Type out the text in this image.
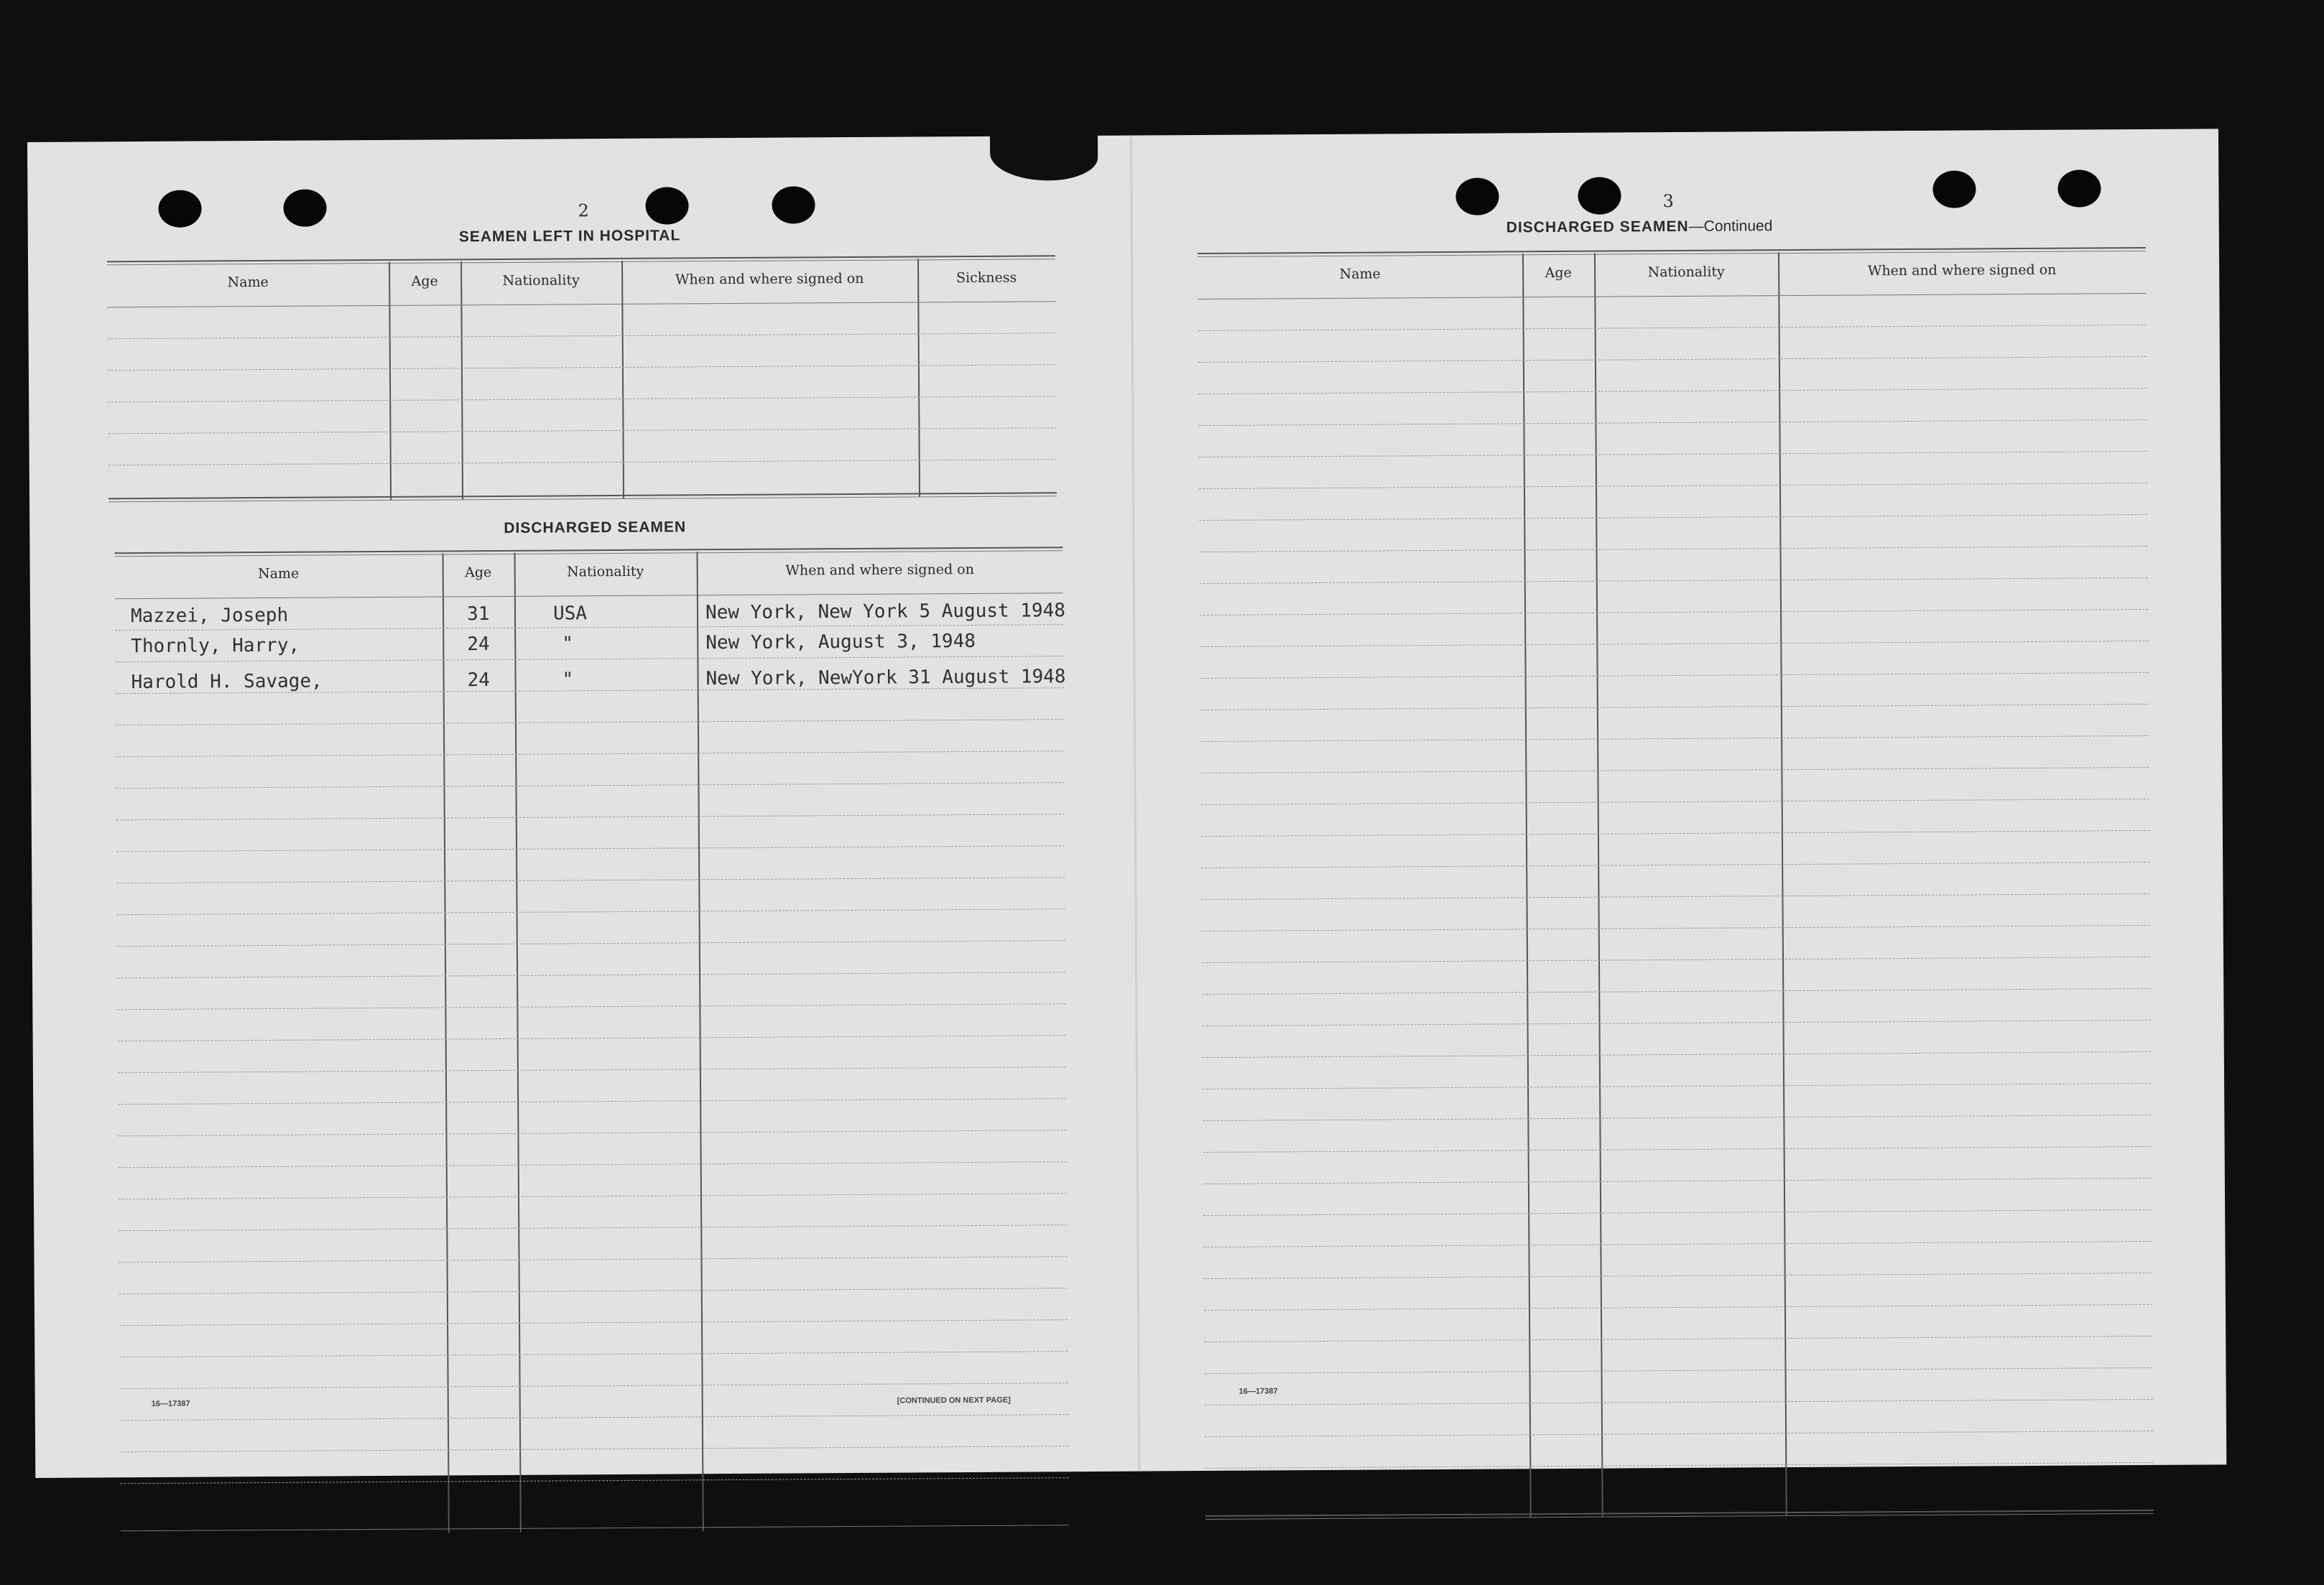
2
SEAMEN LEFT IN HOSPITAL
Name	Age	Nationality	When and where signed on	Sickness
DISCHARGED SEAMEN
Name	Age	Nationality	When and where signed on
Mazzei, Joseph	31	USA	New York, New York 5 August 1948
Thornly, Harry,	24	"	New York, August 3, 1948
Harold H. Savage,	24	"	New York, NewYork 31 August 1948
16—17387	[CONTINUED ON NEXT PAGE]
3
DISCHARGED SEAMEN—Continued
Name	Age	Nationality	When and where signed on
16—17387
